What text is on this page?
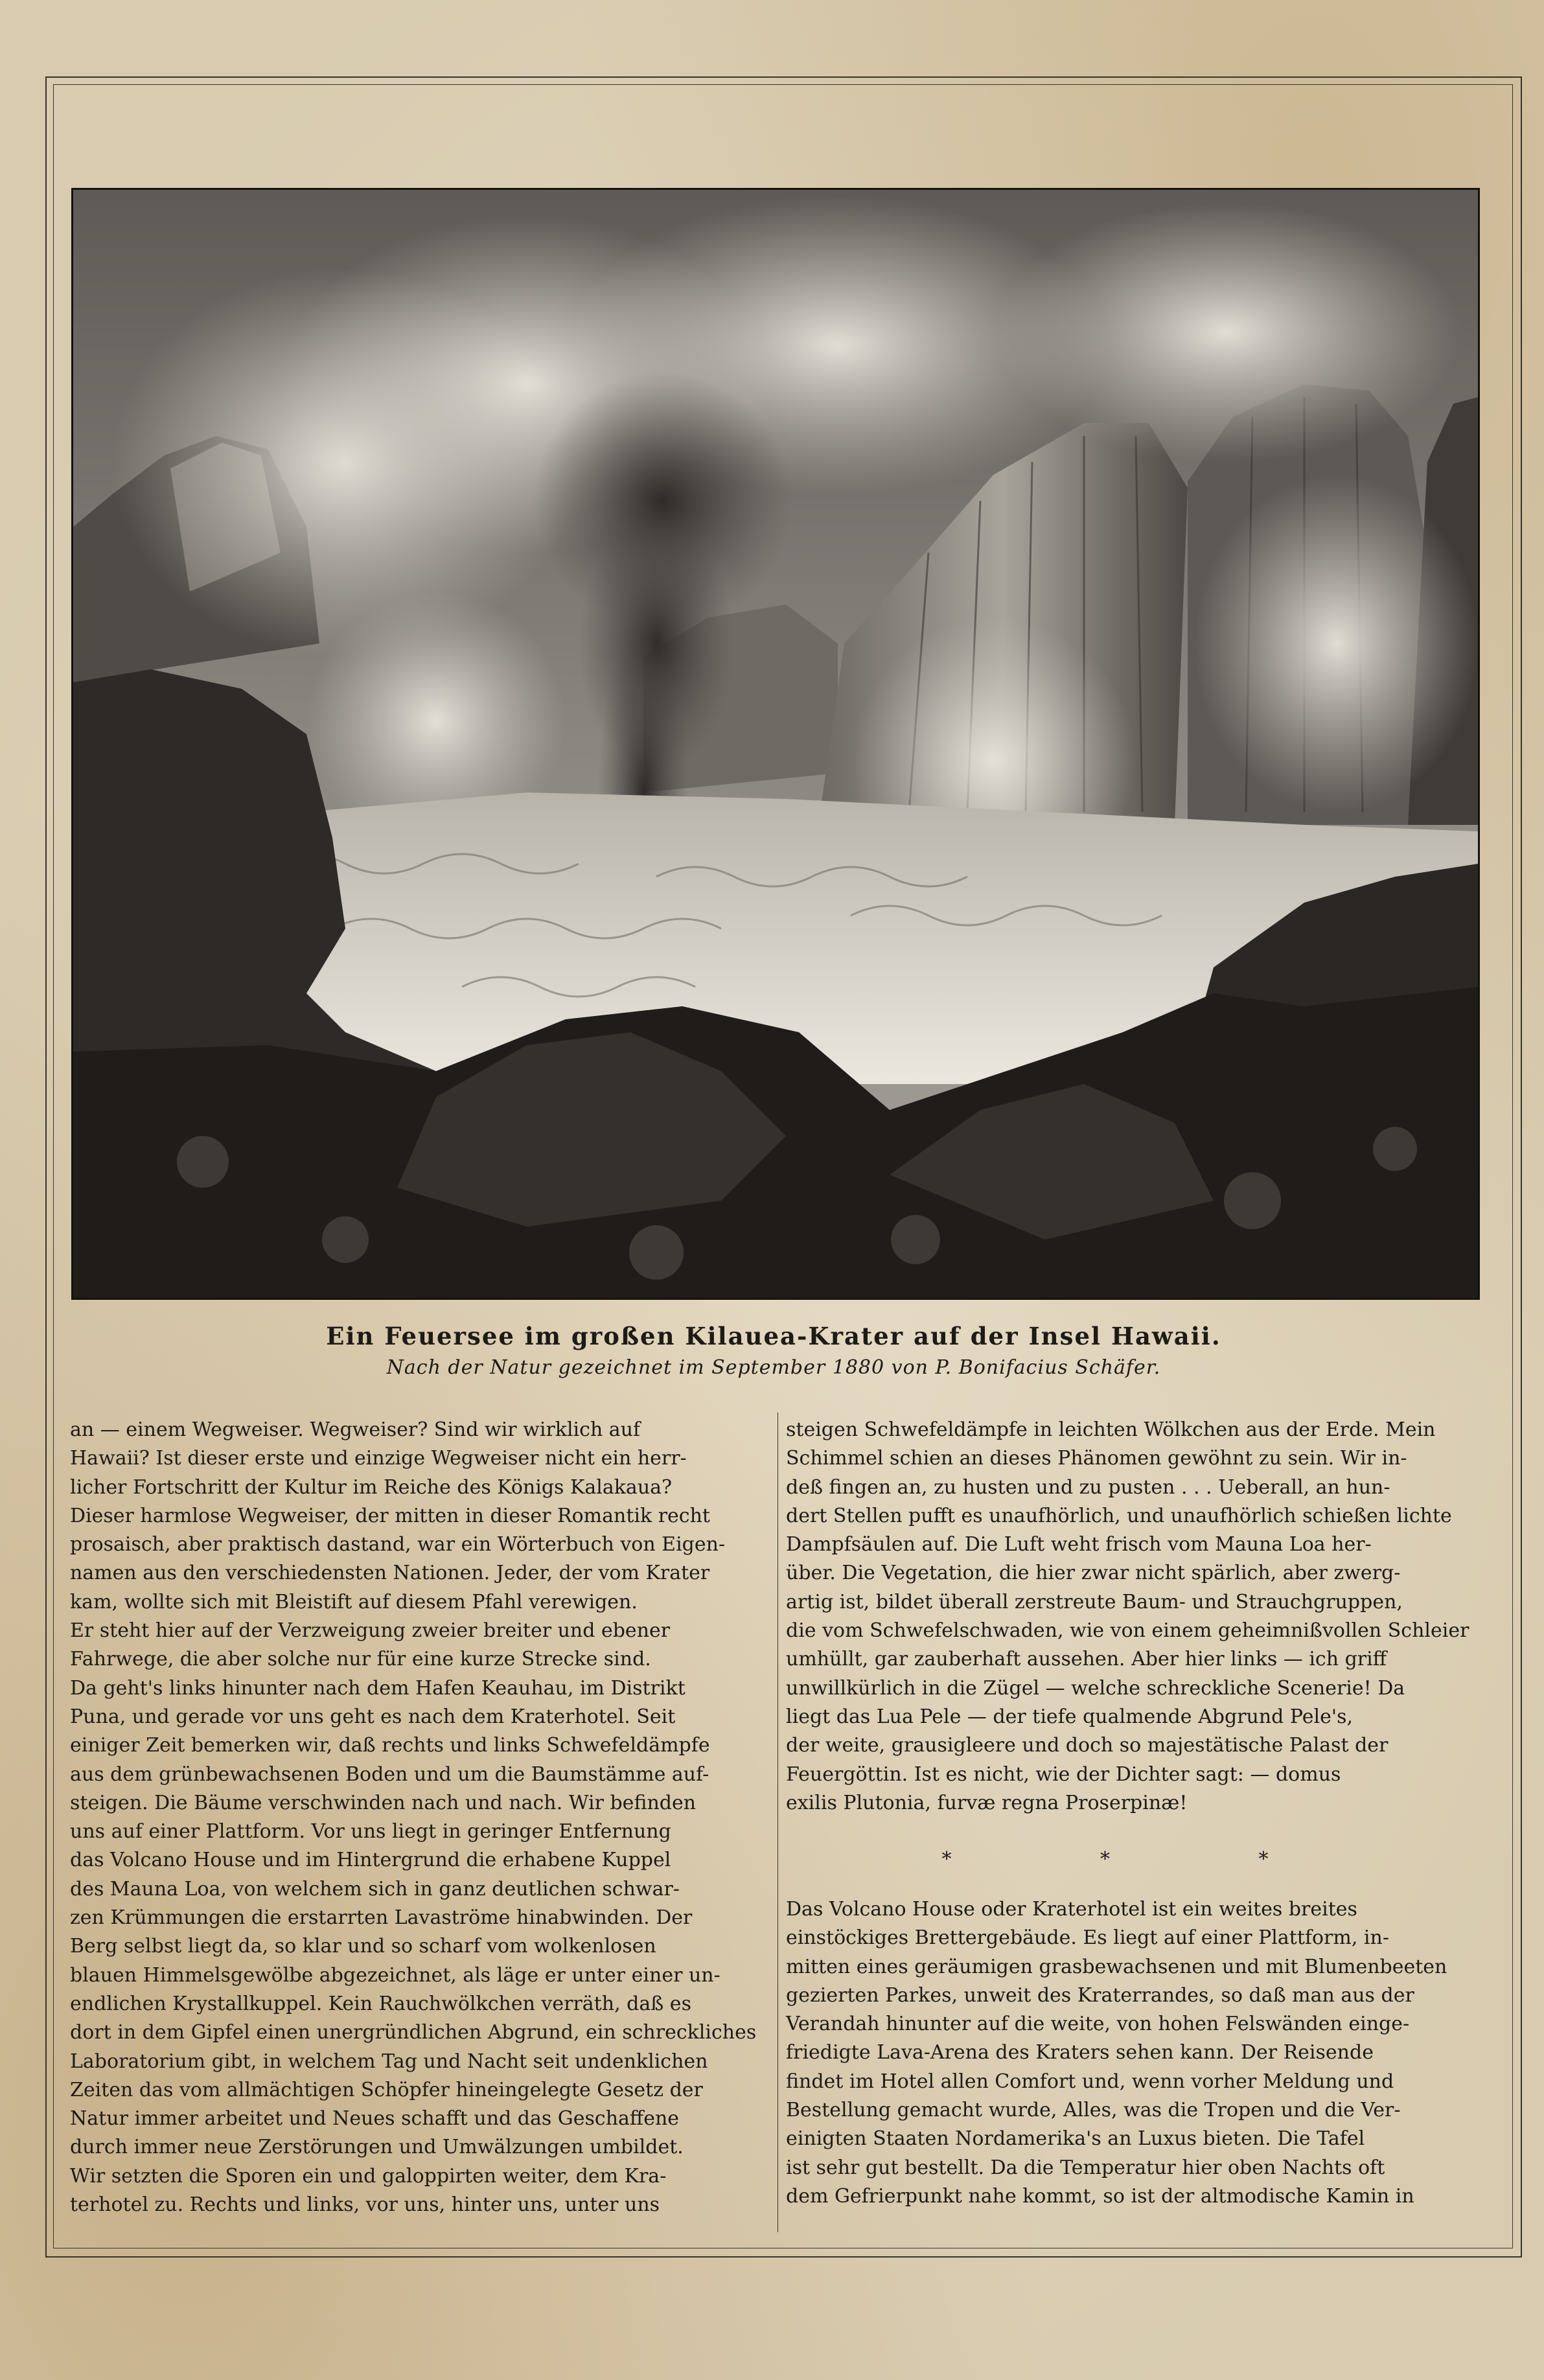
Ein Feuersee im großen Kilauea-Krater auf der Insel Hawaii.
Nach der Natur gezeichnet im September 1880 von P. Bonifacius Schäfer.
an — einem Wegweiser. Wegweiser? Sind wir wirklich auf
Hawaii? Ist dieser erste und einzige Wegweiser nicht ein herr-
licher Fortschritt der Kultur im Reiche des Königs Kalakaua?
Dieser harmlose Wegweiser, der mitten in dieser Romantik recht
prosaisch, aber praktisch dastand, war ein Wörterbuch von Eigen-
namen aus den verschiedensten Nationen. Jeder, der vom Krater
kam, wollte sich mit Bleistift auf diesem Pfahl verewigen.
Er steht hier auf der Verzweigung zweier breiter und ebener
Fahrwege, die aber solche nur für eine kurze Strecke sind.
Da geht's links hinunter nach dem Hafen Keauhau, im Distrikt
Puna, und gerade vor uns geht es nach dem Kraterhotel. Seit
einiger Zeit bemerken wir, daß rechts und links Schwefeldämpfe
aus dem grünbewachsenen Boden und um die Baumstämme auf-
steigen. Die Bäume verschwinden nach und nach. Wir befinden
uns auf einer Plattform. Vor uns liegt in geringer Entfernung
das Volcano House und im Hintergrund die erhabene Kuppel
des Mauna Loa, von welchem sich in ganz deutlichen schwar-
zen Krümmungen die erstarrten Lavaströme hinabwinden. Der
Berg selbst liegt da, so klar und so scharf vom wolkenlosen
blauen Himmelsgewölbe abgezeichnet, als läge er unter einer un-
endlichen Krystallkuppel. Kein Rauchwölkchen verräth, daß es
dort in dem Gipfel einen unergründlichen Abgrund, ein schreckliches
Laboratorium gibt, in welchem Tag und Nacht seit undenklichen
Zeiten das vom allmächtigen Schöpfer hineingelegte Gesetz der
Natur immer arbeitet und Neues schafft und das Geschaffene
durch immer neue Zerstörungen und Umwälzungen umbildet.
Wir setzten die Sporen ein und galoppirten weiter, dem Kra-
terhotel zu. Rechts und links, vor uns, hinter uns, unter uns
steigen Schwefeldämpfe in leichten Wölkchen aus der Erde. Mein
Schimmel schien an dieses Phänomen gewöhnt zu sein. Wir in-
deß fingen an, zu husten und zu pusten . . . Ueberall, an hun-
dert Stellen pufft es unaufhörlich, und unaufhörlich schießen lichte
Dampfsäulen auf. Die Luft weht frisch vom Mauna Loa her-
über. Die Vegetation, die hier zwar nicht spärlich, aber zwerg-
artig ist, bildet überall zerstreute Baum- und Strauchgruppen,
die vom Schwefelschwaden, wie von einem geheimnißvollen Schleier
umhüllt, gar zauberhaft aussehen. Aber hier links — ich griff
unwillkürlich in die Zügel — welche schreckliche Scenerie! Da
liegt das Lua Pele — der tiefe qualmende Abgrund Pele's,
der weite, grausigleere und doch so majestätische Palast der
Feuergöttin. Ist es nicht, wie der Dichter sagt: — domus
exilis Plutonia, furvæ regna Proserpinæ!
* * *
Das Volcano House oder Kraterhotel ist ein weites breites
einstöckiges Brettergebäude. Es liegt auf einer Plattform, in-
mitten eines geräumigen grasbewachsenen und mit Blumenbeeten
gezierten Parkes, unweit des Kraterrandes, so daß man aus der
Verandah hinunter auf die weite, von hohen Felswänden einge-
friedigte Lava-Arena des Kraters sehen kann. Der Reisende
findet im Hotel allen Comfort und, wenn vorher Meldung und
Bestellung gemacht wurde, Alles, was die Tropen und die Ver-
einigten Staaten Nordamerika's an Luxus bieten. Die Tafel
ist sehr gut bestellt. Da die Temperatur hier oben Nachts oft
dem Gefrierpunkt nahe kommt, so ist der altmodische Kamin in
